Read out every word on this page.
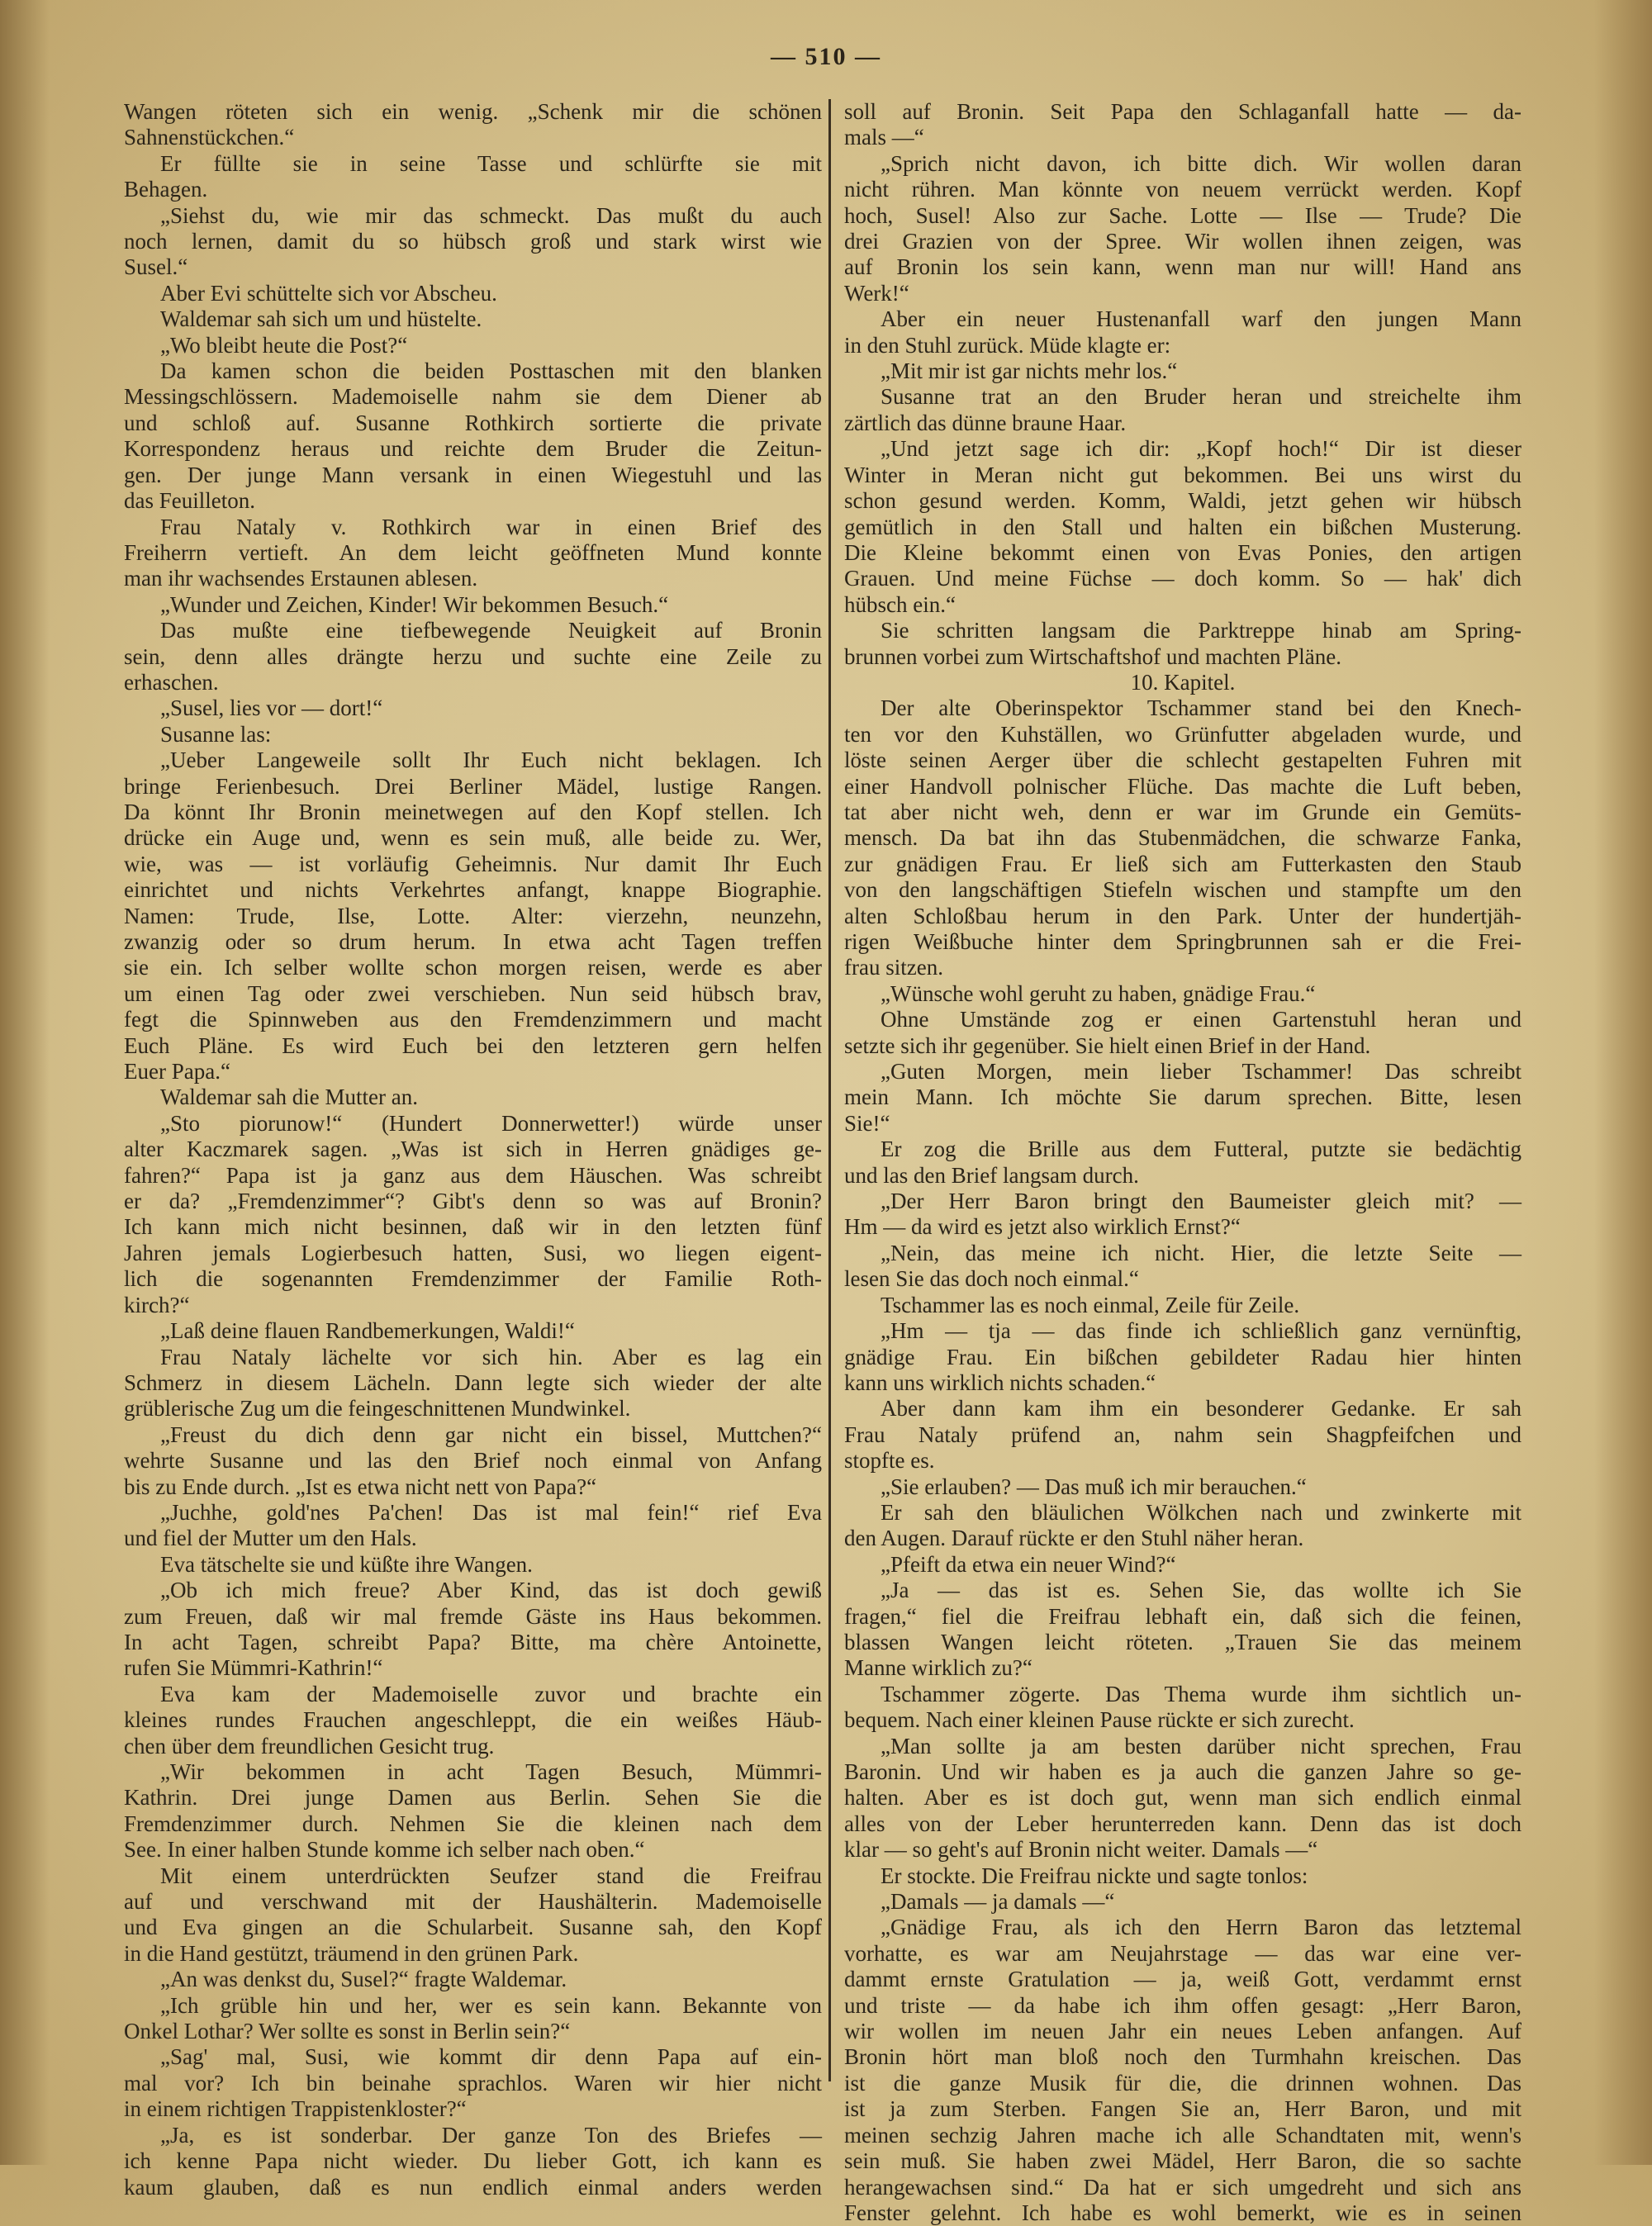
— 510 —
Wangen röteten sich ein wenig. „Schenk mir die schönen
Sahnenstückchen.“
Er füllte sie in seine Tasse und schlürfte sie mit
Behagen.
„Siehst du, wie mir das schmeckt. Das mußt du auch
noch lernen, damit du so hübsch groß und stark wirst wie
Susel.“
Aber Evi schüttelte sich vor Abscheu.
Waldemar sah sich um und hüstelte.
„Wo bleibt heute die Post?“
Da kamen schon die beiden Posttaschen mit den blanken
Messingschlössern. Mademoiselle nahm sie dem Diener ab
und schloß auf. Susanne Rothkirch sortierte die private
Korrespondenz heraus und reichte dem Bruder die Zeitun-
gen. Der junge Mann versank in einen Wiegestuhl und las
das Feuilleton.
Frau Nataly v. Rothkirch war in einen Brief des
Freiherrn vertieft. An dem leicht geöffneten Mund konnte
man ihr wachsendes Erstaunen ablesen.
„Wunder und Zeichen, Kinder! Wir bekommen Besuch.“
Das mußte eine tiefbewegende Neuigkeit auf Bronin
sein, denn alles drängte herzu und suchte eine Zeile zu
erhaschen.
„Susel, lies vor — dort!“
Susanne las:
„Ueber Langeweile sollt Ihr Euch nicht beklagen. Ich
bringe Ferienbesuch. Drei Berliner Mädel, lustige Rangen.
Da könnt Ihr Bronin meinetwegen auf den Kopf stellen. Ich
drücke ein Auge und, wenn es sein muß, alle beide zu. Wer,
wie, was — ist vorläufig Geheimnis. Nur damit Ihr Euch
einrichtet und nichts Verkehrtes anfangt, knappe Biographie.
Namen: Trude, Ilse, Lotte. Alter: vierzehn, neunzehn,
zwanzig oder so drum herum. In etwa acht Tagen treffen
sie ein. Ich selber wollte schon morgen reisen, werde es aber
um einen Tag oder zwei verschieben. Nun seid hübsch brav,
fegt die Spinnweben aus den Fremdenzimmern und macht
Euch Pläne. Es wird Euch bei den letzteren gern helfen
Euer Papa.“
Waldemar sah die Mutter an.
„Sto piorunow!“ (Hundert Donnerwetter!) würde unser
alter Kaczmarek sagen. „Was ist sich in Herren gnädiges ge-
fahren?“ Papa ist ja ganz aus dem Häuschen. Was schreibt
er da? „Fremdenzimmer“? Gibt's denn so was auf Bronin?
Ich kann mich nicht besinnen, daß wir in den letzten fünf
Jahren jemals Logierbesuch hatten, Susi, wo liegen eigent-
lich die sogenannten Fremdenzimmer der Familie Roth-
kirch?“
„Laß deine flauen Randbemerkungen, Waldi!“
Frau Nataly lächelte vor sich hin. Aber es lag ein
Schmerz in diesem Lächeln. Dann legte sich wieder der alte
grüblerische Zug um die feingeschnittenen Mundwinkel.
„Freust du dich denn gar nicht ein bissel, Muttchen?“
wehrte Susanne und las den Brief noch einmal von Anfang
bis zu Ende durch. „Ist es etwa nicht nett von Papa?“
„Juchhe, gold'nes Pa'chen! Das ist mal fein!“ rief Eva
und fiel der Mutter um den Hals.
Eva tätschelte sie und küßte ihre Wangen.
„Ob ich mich freue? Aber Kind, das ist doch gewiß
zum Freuen, daß wir mal fremde Gäste ins Haus bekommen.
In acht Tagen, schreibt Papa? Bitte, ma chère Antoinette,
rufen Sie Mümmri-Kathrin!“
Eva kam der Mademoiselle zuvor und brachte ein
kleines rundes Frauchen angeschleppt, die ein weißes Häub-
chen über dem freundlichen Gesicht trug.
„Wir bekommen in acht Tagen Besuch, Mümmri-
Kathrin. Drei junge Damen aus Berlin. Sehen Sie die
Fremdenzimmer durch. Nehmen Sie die kleinen nach dem
See. In einer halben Stunde komme ich selber nach oben.“
Mit einem unterdrückten Seufzer stand die Freifrau
auf und verschwand mit der Haushälterin. Mademoiselle
und Eva gingen an die Schularbeit. Susanne sah, den Kopf
in die Hand gestützt, träumend in den grünen Park.
„An was denkst du, Susel?“ fragte Waldemar.
„Ich grüble hin und her, wer es sein kann. Bekannte von
Onkel Lothar? Wer sollte es sonst in Berlin sein?“
„Sag' mal, Susi, wie kommt dir denn Papa auf ein-
mal vor? Ich bin beinahe sprachlos. Waren wir hier nicht
in einem richtigen Trappistenkloster?“
„Ja, es ist sonderbar. Der ganze Ton des Briefes —
ich kenne Papa nicht wieder. Du lieber Gott, ich kann es
kaum glauben, daß es nun endlich einmal anders werden
soll auf Bronin. Seit Papa den Schlaganfall hatte — da-
mals —“
„Sprich nicht davon, ich bitte dich. Wir wollen daran
nicht rühren. Man könnte von neuem verrückt werden. Kopf
hoch, Susel! Also zur Sache. Lotte — Ilse — Trude? Die
drei Grazien von der Spree. Wir wollen ihnen zeigen, was
auf Bronin los sein kann, wenn man nur will! Hand ans
Werk!“
Aber ein neuer Hustenanfall warf den jungen Mann
in den Stuhl zurück. Müde klagte er:
„Mit mir ist gar nichts mehr los.“
Susanne trat an den Bruder heran und streichelte ihm
zärtlich das dünne braune Haar.
„Und jetzt sage ich dir: „Kopf hoch!“ Dir ist dieser
Winter in Meran nicht gut bekommen. Bei uns wirst du
schon gesund werden. Komm, Waldi, jetzt gehen wir hübsch
gemütlich in den Stall und halten ein bißchen Musterung.
Die Kleine bekommt einen von Evas Ponies, den artigen
Grauen. Und meine Füchse — doch komm. So — hak' dich
hübsch ein.“
Sie schritten langsam die Parktreppe hinab am Spring-
brunnen vorbei zum Wirtschaftshof und machten Pläne.
10. Kapitel.
Der alte Oberinspektor Tschammer stand bei den Knech-
ten vor den Kuhställen, wo Grünfutter abgeladen wurde, und
löste seinen Aerger über die schlecht gestapelten Fuhren mit
einer Handvoll polnischer Flüche. Das machte die Luft beben,
tat aber nicht weh, denn er war im Grunde ein Gemüts-
mensch. Da bat ihn das Stubenmädchen, die schwarze Fanka,
zur gnädigen Frau. Er ließ sich am Futterkasten den Staub
von den langschäftigen Stiefeln wischen und stampfte um den
alten Schloßbau herum in den Park. Unter der hundertjäh-
rigen Weißbuche hinter dem Springbrunnen sah er die Frei-
frau sitzen.
„Wünsche wohl geruht zu haben, gnädige Frau.“
Ohne Umstände zog er einen Gartenstuhl heran und
setzte sich ihr gegenüber. Sie hielt einen Brief in der Hand.
„Guten Morgen, mein lieber Tschammer! Das schreibt
mein Mann. Ich möchte Sie darum sprechen. Bitte, lesen
Sie!“
Er zog die Brille aus dem Futteral, putzte sie bedächtig
und las den Brief langsam durch.
„Der Herr Baron bringt den Baumeister gleich mit? —
Hm — da wird es jetzt also wirklich Ernst?“
„Nein, das meine ich nicht. Hier, die letzte Seite —
lesen Sie das doch noch einmal.“
Tschammer las es noch einmal, Zeile für Zeile.
„Hm — tja — das finde ich schließlich ganz vernünftig,
gnädige Frau. Ein bißchen gebildeter Radau hier hinten
kann uns wirklich nichts schaden.“
Aber dann kam ihm ein besonderer Gedanke. Er sah
Frau Nataly prüfend an, nahm sein Shagpfeifchen und
stopfte es.
„Sie erlauben? — Das muß ich mir berauchen.“
Er sah den bläulichen Wölkchen nach und zwinkerte mit
den Augen. Darauf rückte er den Stuhl näher heran.
„Pfeift da etwa ein neuer Wind?“
„Ja — das ist es. Sehen Sie, das wollte ich Sie
fragen,“ fiel die Freifrau lebhaft ein, daß sich die feinen,
blassen Wangen leicht röteten. „Trauen Sie das meinem
Manne wirklich zu?“
Tschammer zögerte. Das Thema wurde ihm sichtlich un-
bequem. Nach einer kleinen Pause rückte er sich zurecht.
„Man sollte ja am besten darüber nicht sprechen, Frau
Baronin. Und wir haben es ja auch die ganzen Jahre so ge-
halten. Aber es ist doch gut, wenn man sich endlich einmal
alles von der Leber herunterreden kann. Denn das ist doch
klar — so geht's auf Bronin nicht weiter. Damals —“
Er stockte. Die Freifrau nickte und sagte tonlos:
„Damals — ja damals —“
„Gnädige Frau, als ich den Herrn Baron das letztemal
vorhatte, es war am Neujahrstage — das war eine ver-
dammt ernste Gratulation — ja, weiß Gott, verdammt ernst
und triste — da habe ich ihm offen gesagt: „Herr Baron,
wir wollen im neuen Jahr ein neues Leben anfangen. Auf
Bronin hört man bloß noch den Turmhahn kreischen. Das
ist die ganze Musik für die, die drinnen wohnen. Das
ist ja zum Sterben. Fangen Sie an, Herr Baron, und mit
meinen sechzig Jahren mache ich alle Schandtaten mit, wenn's
sein muß. Sie haben zwei Mädel, Herr Baron, die so sachte
herangewachsen sind.“ Da hat er sich umgedreht und sich ans
Fenster gelehnt. Ich habe es wohl bemerkt, wie es in seinen
